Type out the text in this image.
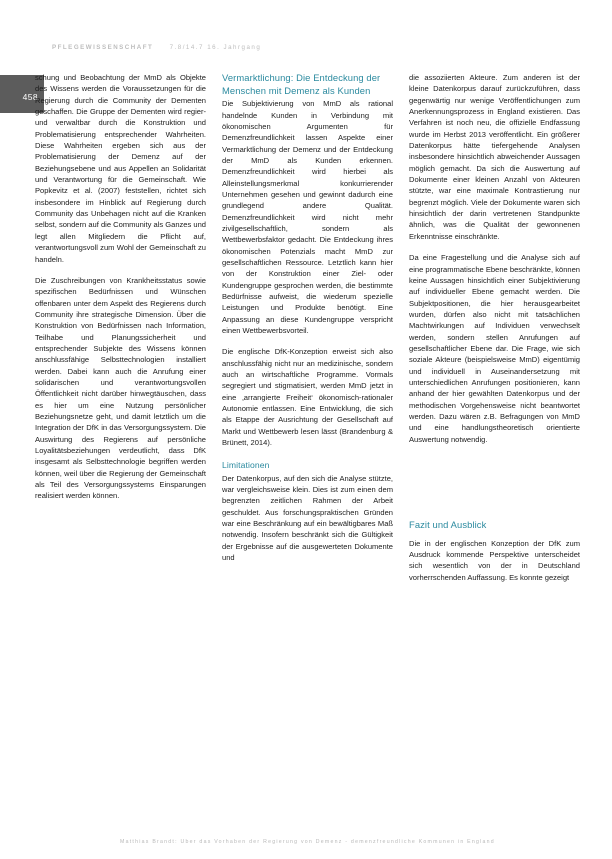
PFLEGEWISSENSCHAFT	7.8/14.7 16. Jahrgang
458

schung und Beobachtung der MmD als Objekte des Wissens werden die Voraussetzungen für die Regierung durch die Community der Dementen geschaffen. Die Gruppe der Dementen wird regier- und verwaltbar durch die Konstruktion und Problematisierung entsprechender Wahrheiten. Diese Wahrheiten ergeben sich aus der Problematisierung der Demenz auf der Beziehungsebene und aus Appellen an Solidarität und Verantwortung für die Gemeinschaft. Wie Popkevitz et al. (2007) feststellen, richtet sich insbesondere im Hinblick auf Regierung durch Community das Unbehagen nicht auf die Kranken selbst, sondern auf die Community als Ganzes und legt allen Mitgliedern die Pflicht auf, verantwortungsvoll zum Wohl der Gemeinschaft zu handeln.

Die Zuschreibungen von Krankheitsstatus sowie spezifischen Bedürfnissen und Wünschen offenbaren unter dem Aspekt des Regierens durch Community ihre strategische Dimension. Über die Konstruktion von Bedürfnissen nach Information, Teilhabe und Planungssicherheit und entsprechender Subjekte des Wissens können anschlussfähige Selbsttechnologien installiert werden. Dabei kann auch die Anrufung einer solidarischen und verantwortungsvollen Öffentlichkeit nicht darüber hinwegtäuschen, dass es hier um eine Nutzung persönlicher Beziehungsnetze geht, und damit letztlich um die Integration der DfK in das Versorgungssystem. Die Auswirtung des Regierens auf persönliche Loyalitätsbeziehungen verdeutlicht, dass DfK insgesamt als Selbsttechnologie begriffen werden können, weil über die Regierung der Gemeinschaft als Teil des Versorgungssystems Einsparungen realisiert werden können.

Vermarktlichung: Die Entdeckung der Menschen mit Demenz als Kunden

Die Subjektivierung von MmD als rational handelnde Kunden in Verbindung mit ökonomischen Argumenten für Demenzfreundlichkeit lassen Aspekte einer Vermarktlichung der Demenz und der Entdeckung der MmD als Kunden erkennen. Demenzfreundlichkeit wird hierbei als Alleinstellungsmerkmal konkurrierender Unternehmen gesehen und gewinnt dadurch eine grundlegend andere Qualität. Demenzfreundlichkeit wird nicht mehr zivilgesellschaftlich, sondern als Wettbewerbsfaktor gedacht. Die Entdeckung ihres ökonomischen Potenzials macht MmD zur gesellschaftlichen Ressource. Letztlich kann hier von der Konstruktion einer Ziel- oder Kundengruppe gesprochen werden, die bestimmte Bedürfnisse aufweist, die wiederum spezielle Leistungen und Produkte benötigt. Eine Anpassung an diese Kundengruppe verspricht einen Wettbewerbsvorteil.

Die englische DfK-Konzeption erweist sich also anschlussfähig nicht nur an medizinische, sondern auch an wirtschaftliche Programme. Vormals segregiert und stigmatisiert, werden MmD jetzt in eine ‚arrangierte Freiheit‘ ökonomisch-rationaler Autonomie entlassen. Eine Entwicklung, die sich als Etappe der Ausrichtung der Gesellschaft auf Markt und Wettbewerb lesen lässt (Brandenburg & Brünett, 2014).

Limitationen

Der Datenkorpus, auf den sich die Analyse stützte, war vergleichsweise klein. Dies ist zum einen dem begrenzten zeitlichen Rahmen der Arbeit geschuldet. Aus forschungspraktischen Gründen war eine Beschränkung auf ein bewältigbares Maß notwendig. Insofern beschränkt sich die Gültigkeit der Ergebnisse auf die ausgewerteten Dokumente und

die assoziierten Akteure. Zum anderen ist der kleine Datenkorpus darauf zurückzuführen, dass gegenwärtig nur wenige Veröffentlichungen zum Anerkennungsprozess in England existieren. Das Verfahren ist noch neu, die offizielle Endfassung wurde im Herbst 2013 veröffentlicht. Ein größerer Datenkorpus hätte tiefergehende Analysen insbesondere hinsichtlich abweichender Aussagen möglich gemacht. Da sich die Auswertung auf Dokumente einer kleinen Anzahl von Akteuren stützte, war eine maximale Kontrastierung nur begrenzt möglich. Viele der Dokumente waren sich hinsichtlich der darin vertretenen Standpunkte ähnlich, was die Qualität der gewonnenen Erkenntnisse einschränkte.

Da eine Fragestellung und die Analyse sich auf eine programmatische Ebene beschränkte, können keine Aussagen hinsichtlich einer Subjektivierung auf individueller Ebene gemacht werden. Die Subjektpositionen, die hier herausgearbeitet wurden, dürfen also nicht mit tatsächlichen Machtwirkungen auf Individuen verwechselt werden, sondern stellen Anrufungen auf gesellschaftlicher Ebene dar. Die Frage, wie sich soziale Akteure (beispielsweise MmD) eigentümig und individuell in Auseinandersetzung mit unterschiedlichen Anrufungen positionieren, kann anhand der hier gewählten Datenkorpus und der methodischen Vorgehensweise nicht beantwortet werden. Dazu wären z.B. Befragungen von MmD und eine handlungstheoretisch orientierte Auswertung notwendig.

Fazit und Ausblick

Die in der englischen Konzeption der DfK zum Ausdruck kommende Perspektive unterscheidet sich wesentlich von der in Deutschland vorherrschenden Auffassung. Es konnte gezeigt

Matthias Brandt: Über das Vorhaben der Regierung von Demenz - demenzfreundliche Kommunen in England
